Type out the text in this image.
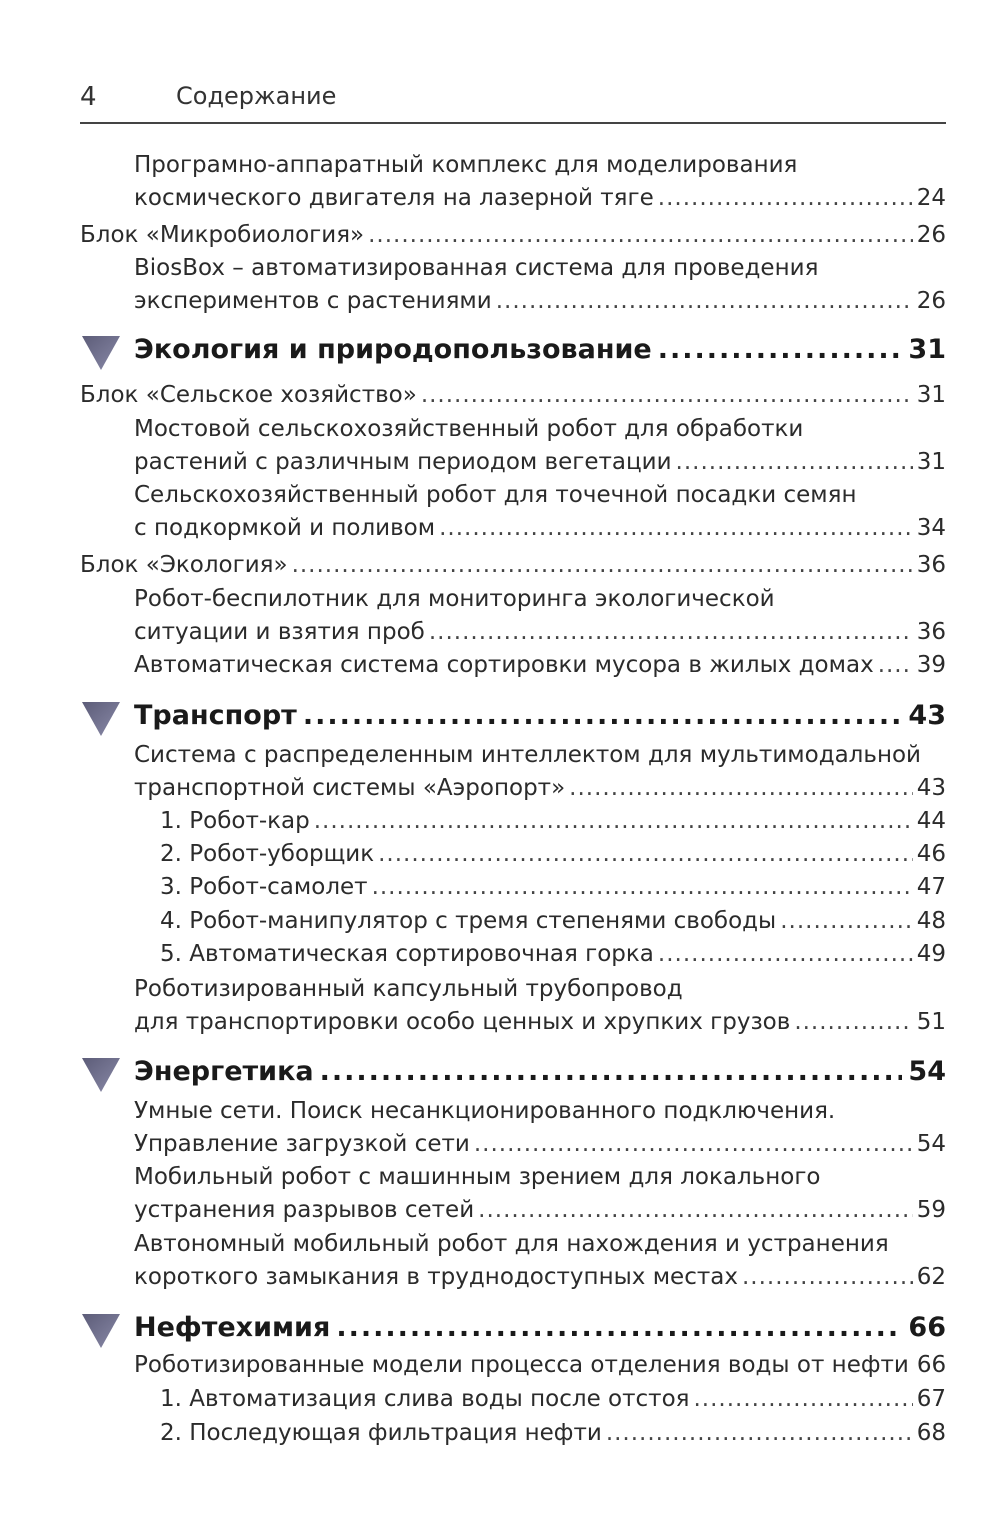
4	Содержание
Програмно-аппаратный комплекс для моделирования
космического двигателя на лазерной тяге .....	24
Блок «Микробиология» .....	26
BiosBox – автоматизированная система для проведения
экспериментов с растениями .....	26
Экология и природопользование .....	31
Блок «Сельское хозяйство» .....	31
Мостовой сельскохозяйственный робот для обработки
растений с различным периодом вегетации .....	31
Сельскохозяйственный робот для точечной посадки семян
с подкормкой и поливом .....	34
Блок «Экология» .....	36
Робот-беспилотник для мониторинга экологической
ситуации и взятия проб .....	36
Автоматическая система сортировки мусора в жилых домах ..... 39
Транспорт .....	43
Система с распределенным интеллектом для мультимодальной
транспортной системы «Аэропорт» .....	43
1. Робот-кар .....	44
2. Робот-уборщик .....	46
3. Робот-самолет .....	47
4. Робот-манипулятор с тремя степенями свободы .....	48
5. Автоматическая сортировочная горка .....	49
Роботизированный капсульный трубопровод
для транспортировки особо ценных и хрупких грузов .....	51
Энергетика .....	54
Умные сети. Поиск несанкционированного подключения.
Управление загрузкой сети .....	54
Мобильный робот с машинным зрением для локального
устранения разрывов сетей .....	59
Автономный мобильный робот для нахождения и устранения
короткого замыкания в труднодоступных местах .....	62
Нефтехимия .....	66
Роботизированные модели процесса отделения воды от нефти 66
1. Автоматизация слива воды после отстоя .....	67
2. Последующая фильтрация нефти .....	68
